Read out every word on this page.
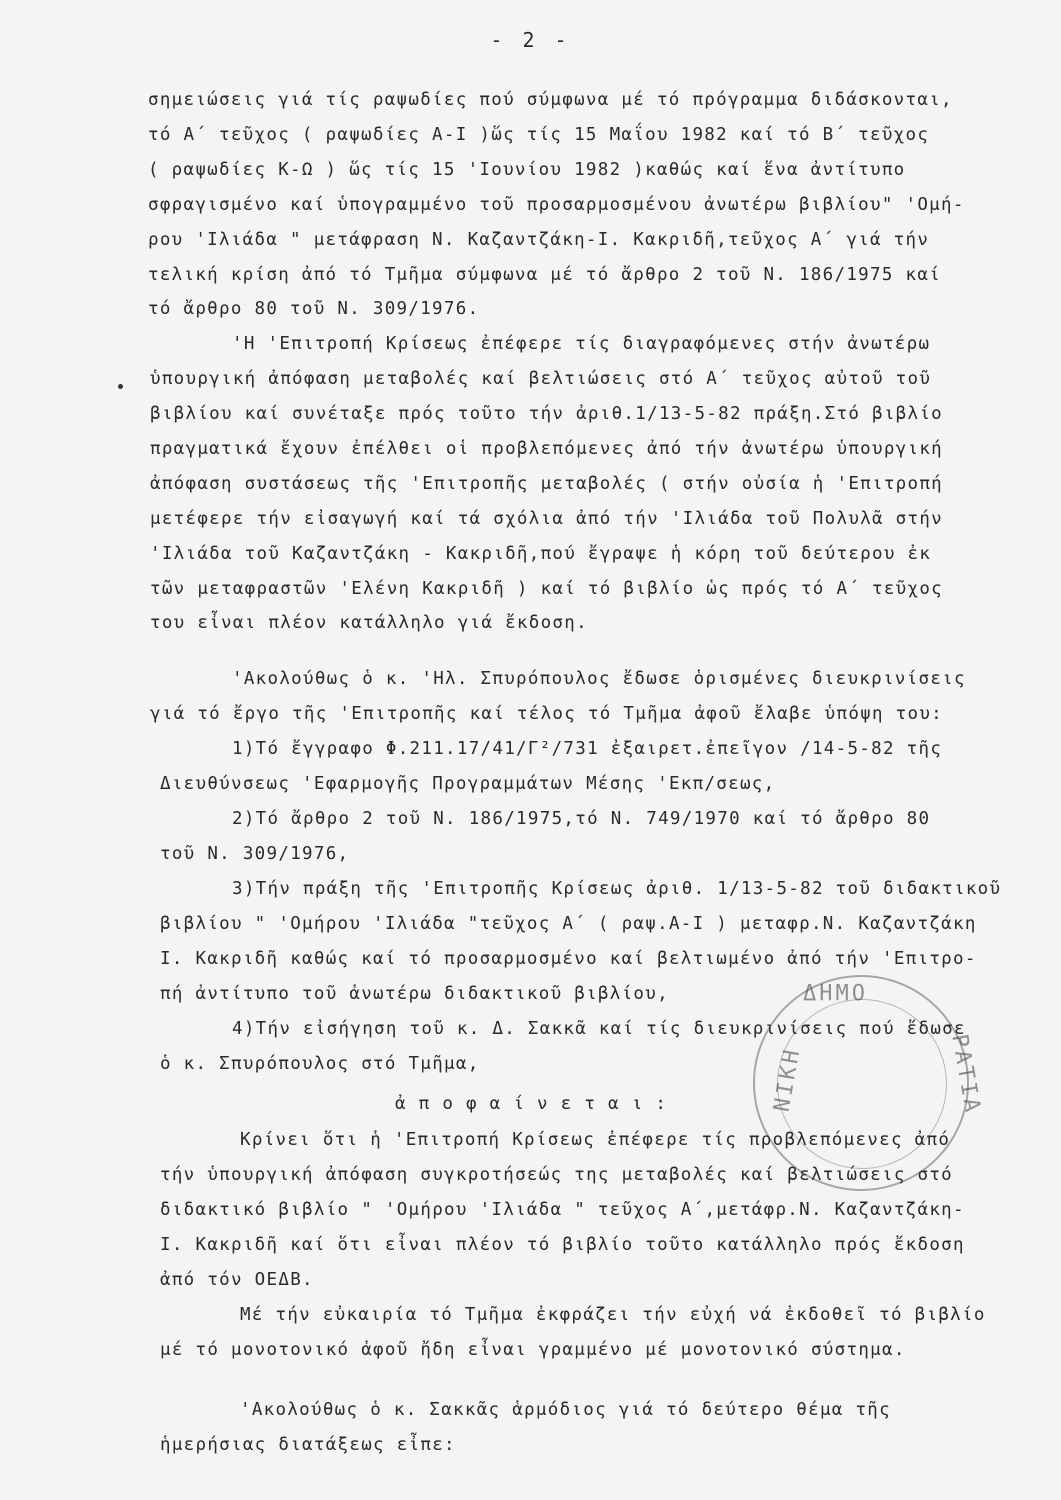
- 2 -
σημειώσεις γιά τίς ραψωδίες πού σύμφωνα μέ τό πρόγραμμα διδάσκονται,
τό Α΄ τεῦχος ( ραψωδίες Α-Ι )ὥς τίς 15 Μαΐου 1982 καί τό Β΄ τεῦχος
( ραψωδίες Κ-Ω ) ὥς τίς 15 'Ιουνίου 1982 )καθώς καί ἕνα ἀντίτυπο
σφραγισμένο καί ὑπογραμμένο τοῦ προσαρμοσμένου ἀνωτέρω βιβλίου" 'Ομή-
ρου 'Ιλιάδα " μετάφραση Ν. Καζαντζάκη-Ι. Κακριδῆ,τεῦχος Α΄ γιά τήν
τελική κρίση ἀπό τό Τμῆμα σύμφωνα μέ τό ἄρθρο 2 τοῦ Ν. 186/1975 καί
τό ἄρθρο 80 τοῦ Ν. 309/1976.
'Η 'Επιτροπή Κρίσεως ἐπέφερε τίς διαγραφόμενες στήν ἀνωτέρω
ὑπουργική ἀπόφαση μεταβολές καί βελτιώσεις στό Α΄ τεῦχος αὐτοῦ τοῦ
βιβλίου καί συνέταξε πρός τοῦτο τήν ἀριθ.1/13-5-82 πράξη.Στό βιβλίο
πραγματικά ἔχουν ἐπέλθει οἱ προβλεπόμενες ἀπό τήν ἀνωτέρω ὑπουργική
ἀπόφαση συστάσεως τῆς 'Επιτροπῆς μεταβολές ( στήν οὐσία ἡ 'Επιτροπή
μετέφερε τήν εἰσαγωγή καί τά σχόλια ἀπό τήν 'Ιλιάδα τοῦ Πολυλᾶ στήν
'Ιλιάδα τοῦ Καζαντζάκη - Κακριδῆ,πού ἔγραψε ἡ κόρη τοῦ δεύτερου ἐκ
τῶν μεταφραστῶν 'Ελένη Κακριδῆ ) καί τό βιβλίο ὡς πρός τό Α΄ τεῦχος
του εἶναι πλέον κατάλληλο γιά ἔκδοση.
'Ακολούθως ὁ κ. 'Ηλ. Σπυρόπουλος ἔδωσε ὁρισμένες διευκρινίσεις
γιά τό ἔργο τῆς 'Επιτροπῆς καί τέλος τό Τμῆμα ἀφοῦ ἔλαβε ὑπόψη του:
1)Τό ἔγγραφο Φ.211.17/41/Γ²/731 ἐξαιρετ.ἐπεῖγον /14-5-82 τῆς
Διευθύνσεως 'Εφαρμογῆς Προγραμμάτων Μέσης 'Εκπ/σεως,
2)Τό ἄρθρο 2 τοῦ Ν. 186/1975,τό Ν. 749/1970 καί τό ἄρθρο 80
τοῦ Ν. 309/1976,
3)Τήν πράξη τῆς 'Επιτροπῆς Κρίσεως ἀριθ. 1/13-5-82 τοῦ διδακτικοῦ
βιβλίου " 'Ομήρου 'Ιλιάδα "τεῦχος Α΄ ( ραψ.Α-Ι ) μεταφρ.Ν. Καζαντζάκη
Ι. Κακριδῆ καθώς καί τό προσαρμοσμένο καί βελτιωμένο ἀπό τήν 'Επιτρο-
πή ἀντίτυπο τοῦ ἀνωτέρω διδακτικοῦ βιβλίου,
4)Τήν εἰσήγηση τοῦ κ. Δ. Σακκᾶ καί τίς διευκρινίσεις πού ἔδωσε
ὁ κ. Σπυρόπουλος στό Τμῆμα,
ἀ π ο φ α ί ν ε τ α ι :
Κρίνει ὅτι ἡ 'Επιτροπή Κρίσεως ἐπέφερε τίς προβλεπόμενες ἀπό
τήν ὑπουργική ἀπόφαση συγκροτήσεώς της μεταβολές καί βελτιώσεις στό
διδακτικό βιβλίο " 'Ομήρου 'Ιλιάδα " τεῦχος Α΄,μετάφρ.Ν. Καζαντζάκη-
Ι. Κακριδῆ καί ὅτι εἶναι πλέον τό βιβλίο τοῦτο κατάλληλο πρός ἔκδοση
ἀπό τόν ΟΕΔΒ.
Μέ τήν εὐκαιρία τό Τμῆμα ἐκφράζει τήν εὐχή νά ἐκδοθεῖ τό βιβλίο
μέ τό μονοτονικό ἀφοῦ ἤδη εἶναι γραμμένο μέ μονοτονικό σύστημα.
'Ακολούθως ὁ κ. Σακκᾶς ἁρμόδιος γιά τό δεύτερο θέμα τῆς
ἡμερήσιας διατάξεως εἶπε:
ΔΗΜΟ
ΝΙΚΗ	ΡΑΤΙΑ
